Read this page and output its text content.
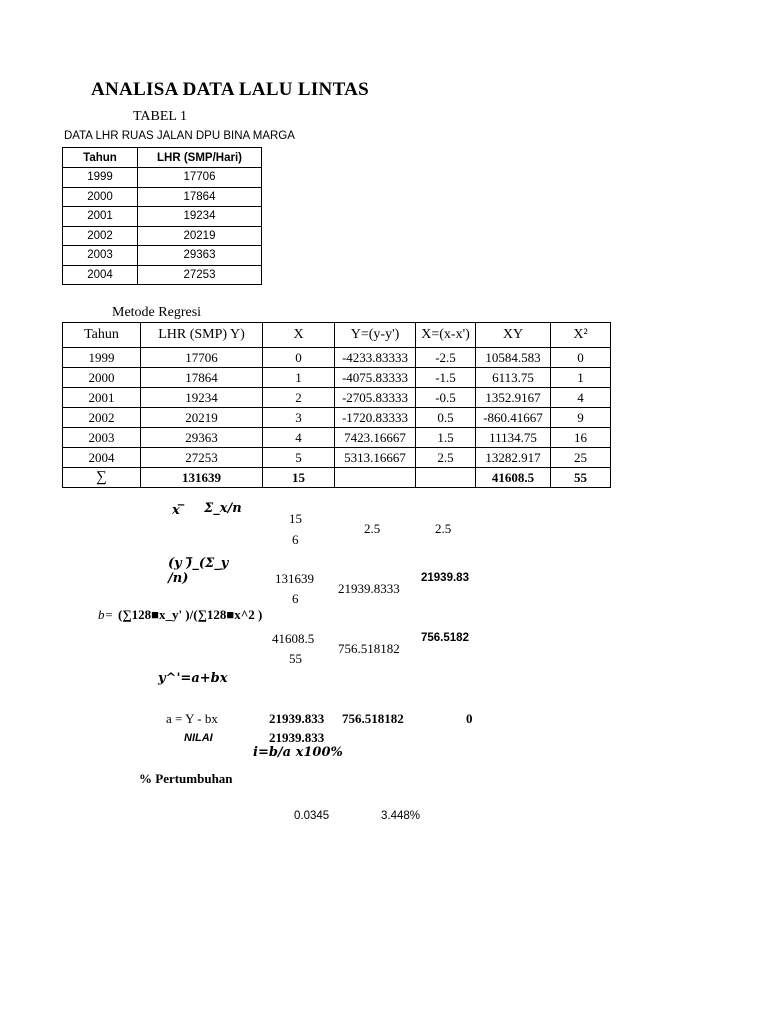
ANALISA DATA LALU LINTAS
TABEL 1
DATA LHR RUAS JALAN DPU BINA MARGA
Tahun	LHR (SMP/Hari)
1999	17706
2000	17864
2001	19234
2002	20219
2003	29363
2004	27253
Metode Regresi
Tahun	LHR (SMP) Y)	X	Y=(y-y')	X=(x-x')	XY	X²
1999	17706	0	-4233.83333	-2.5	10584.583	0
2000	17864	1	-4075.83333	-1.5	6113.75	1
2001	19234	2	-2705.83333	-0.5	1352.9167	4
2002	20219	3	-1720.83333	0.5	-860.41667	9
2003	29363	4	7423.16667	1.5	11134.75	16
2004	27253	5	5313.16667	2.5	13282.917	25
∑	131639	15			41608.5	55
x ̅ Σ_x/n
15
6
2.5	2.5
(y )̅_(Σ_y
/n)	131639
6
21939.8333
21939.83
b= (∑128■x_y' )/(∑128■x^2 )
41608.5
55
756.518182
756.5182
y^'=a+bx
a = Y - bx	21939.833 756.518182	0
NILAI	21939.833
i=b/a x100%
% Pertumbuhan
0.0345	3.448%
